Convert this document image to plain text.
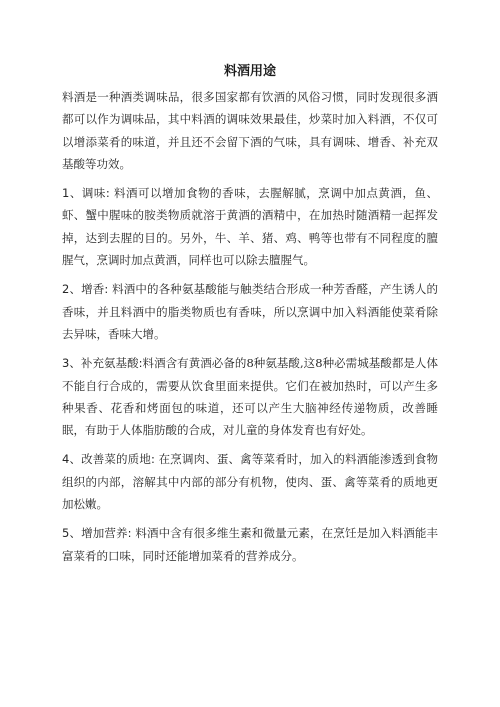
料酒用途

料酒是一种酒类调味品，很多国家都有饮酒的风俗习惯，同时发现很多酒都可以作为调味品，其中料酒的调味效果最佳，炒菜时加入料酒，不仅可以增添菜肴的味道，并且还不会留下酒的气味，具有调味、增香、补充双基酸等功效。

1、调味: 料酒可以增加食物的香味，去腥解腻，烹调中加点黄酒，鱼、虾、蟹中腥味的胺类物质就溶于黄酒的酒精中，在加热时随酒精一起挥发掉，达到去腥的目的。另外，牛、羊、猪、鸡、鸭等也带有不同程度的膻腥气，烹调时加点黄酒，同样也可以除去膻腥气。

2、增香: 料酒中的各种氨基酸能与触类结合形成一种芳香醛，产生诱人的香味，并且料酒中的脂类物质也有香味，所以烹调中加入料酒能使菜肴除去异味，香味大增。

3、补充氨基酸:料酒含有黄酒必备的8种氨基酸,这8种必需城基酸都是人体不能自行合成的，需要从饮食里面来提供。它们在被加热时，可以产生多种果香、花香和烤面包的味道，还可以产生大脑神经传递物质，改善睡眠，有助于人体脂肪酸的合成，对儿童的身体发育也有好处。

4、改善菜的质地: 在烹调肉、蛋、禽等菜肴时，加入的料酒能渗透到食物组织的内部，溶解其中内部的部分有机物，使肉、蛋、禽等菜肴的质地更加松嫩。

5、增加营养: 料酒中含有很多维生素和微量元素，在烹饪是加入料酒能丰富菜肴的口味，同时还能增加菜肴的营养成分。
